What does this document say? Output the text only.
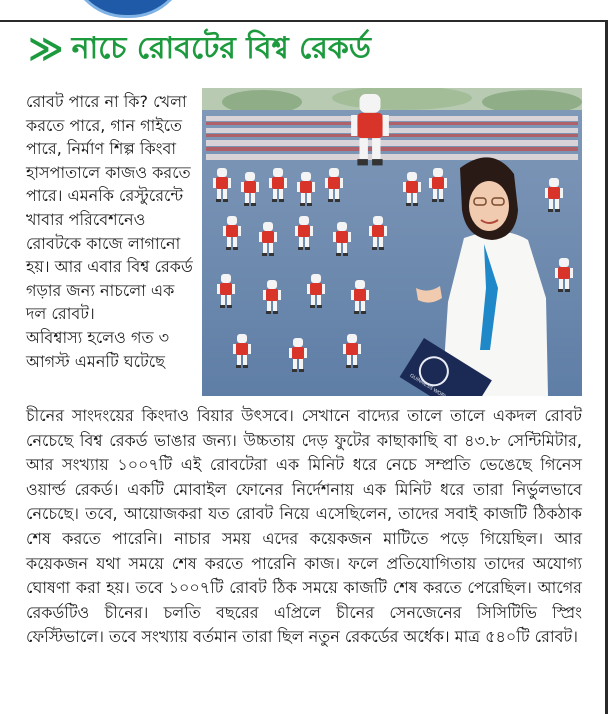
≫ নাচে রোবটের বিশ্ব রেকর্ড

রোবট পারে না কি? খেলা করতে পারে, গান গাইতে পারে, নির্মাণ শিল্প কিংবা হাসপাতালে কাজও করতে পারে। এমনকি রেস্টুরেন্টে খাবার পরিবেশনেও রোবটকে কাজে লাগানো হয়। আর এবার বিশ্ব রেকর্ড গড়ার জন্য নাচলো এক দল রোবট।

অবিশ্বাস্য হলেও গত ৩ আগস্ট এমনটি ঘটেছে

চীনের সাংদংয়ের কিংদাও বিয়ার উৎসবে। সেখানে বাদ্যের তালে তালে একদল রোবট নেচেছে বিশ্ব রেকর্ড ভাঙার জন্য। উচ্চতায় দেড় ফুটের কাছাকাছি বা ৪৩.৮ সেন্টিমিটার, আর সংখ্যায় ১০০৭টি এই রোবটেরা এক মিনিট ধরে নেচে সম্প্রতি ভেঙেছে গিনেস ওয়ার্ল্ড রেকর্ড। একটি মোবাইল ফোনের নির্দেশনায় এক মিনিট ধরে তারা নির্ভুলভাবে নেচেছে। তবে, আয়োজকরা যত রোবট নিয়ে এসেছিলেন, তাদের সবাই কাজটি ঠিকঠাক শেষ করতে পারেনি। নাচার সময় এদের কয়েকজন মাটিতে পড়ে গিয়েছিল। আর কয়েকজন যথা সময়ে শেষ করতে পারেনি কাজ। ফলে প্রতিযোগিতায় তাদের অযোগ্য ঘোষণা করা হয়। তবে ১০০৭টি রোবট ঠিক সময়ে কাজটি শেষ করতে পেরেছিল। আগের রেকর্ডটিও চীনের। চলতি বছরের এপ্রিলে চীনের সেনজেনের সিসিটিভি স্প্রিং ফেস্টিভালে। তবে সংখ্যায় বর্তমান তারা ছিল নতুন রেকর্ডের অর্ধেক। মাত্র ৫৪০টি রোবট।
